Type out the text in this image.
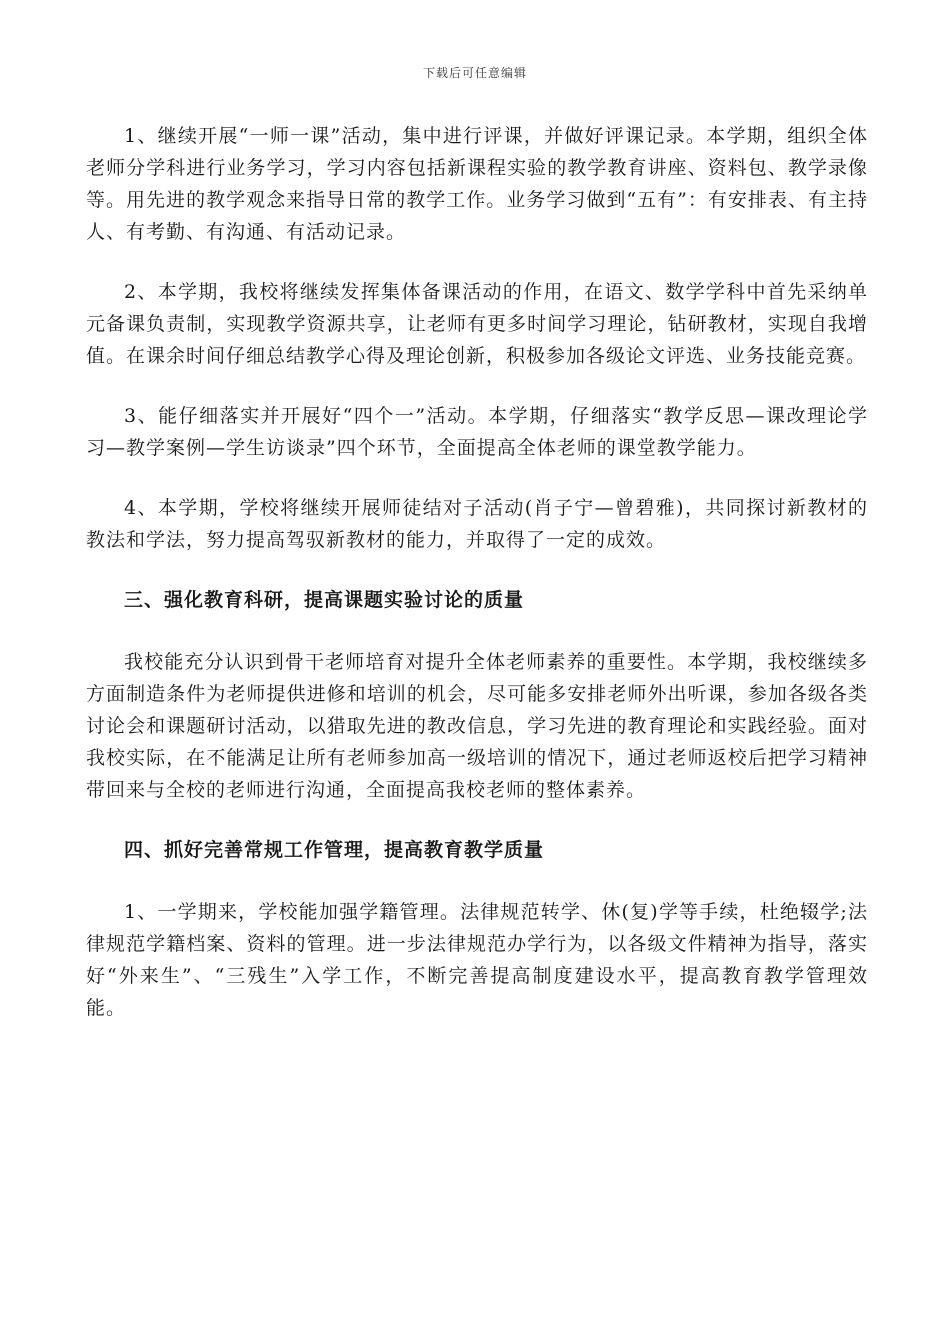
下载后可任意编辑

1、继续开展“一师一课”活动，集中进行评课，并做好评课记录。本学期，组织全体老师分学科进行业务学习，学习内容包括新课程实验的教学教育讲座、资料包、教学录像等。用先进的教学观念来指导日常的教学工作。业务学习做到“五有”：有安排表、有主持人、有考勤、有沟通、有活动记录。

2、本学期，我校将继续发挥集体备课活动的作用，在语文、数学学科中首先采纳单元备课负责制，实现教学资源共享，让老师有更多时间学习理论，钻研教材，实现自我增值。在课余时间仔细总结教学心得及理论创新，积极参加各级论文评选、业务技能竞赛。

3、能仔细落实并开展好“四个一”活动。本学期，仔细落实“教学反思—课改理论学习—教学案例—学生访谈录”四个环节，全面提高全体老师的课堂教学能力。

4、本学期，学校将继续开展师徒结对子活动(肖子宁—曾碧雅)，共同探讨新教材的教法和学法，努力提高驾驭新教材的能力，并取得了一定的成效。

三、强化教育科研，提高课题实验讨论的质量

我校能充分认识到骨干老师培育对提升全体老师素养的重要性。本学期，我校继续多方面制造条件为老师提供进修和培训的机会，尽可能多安排老师外出听课，参加各级各类讨论会和课题研讨活动，以猎取先进的教改信息，学习先进的教育理论和实践经验。面对我校实际，在不能满足让所有老师参加高一级培训的情况下，通过老师返校后把学习精神带回来与全校的老师进行沟通，全面提高我校老师的整体素养。

四、抓好完善常规工作管理，提高教育教学质量

1、一学期来，学校能加强学籍管理。法律规范转学、休(复)学等手续，杜绝辍学;法律规范学籍档案、资料的管理。进一步法律规范办学行为，以各级文件精神为指导，落实好“外来生”、“三残生”入学工作，不断完善提高制度建设水平，提高教育教学管理效能。
